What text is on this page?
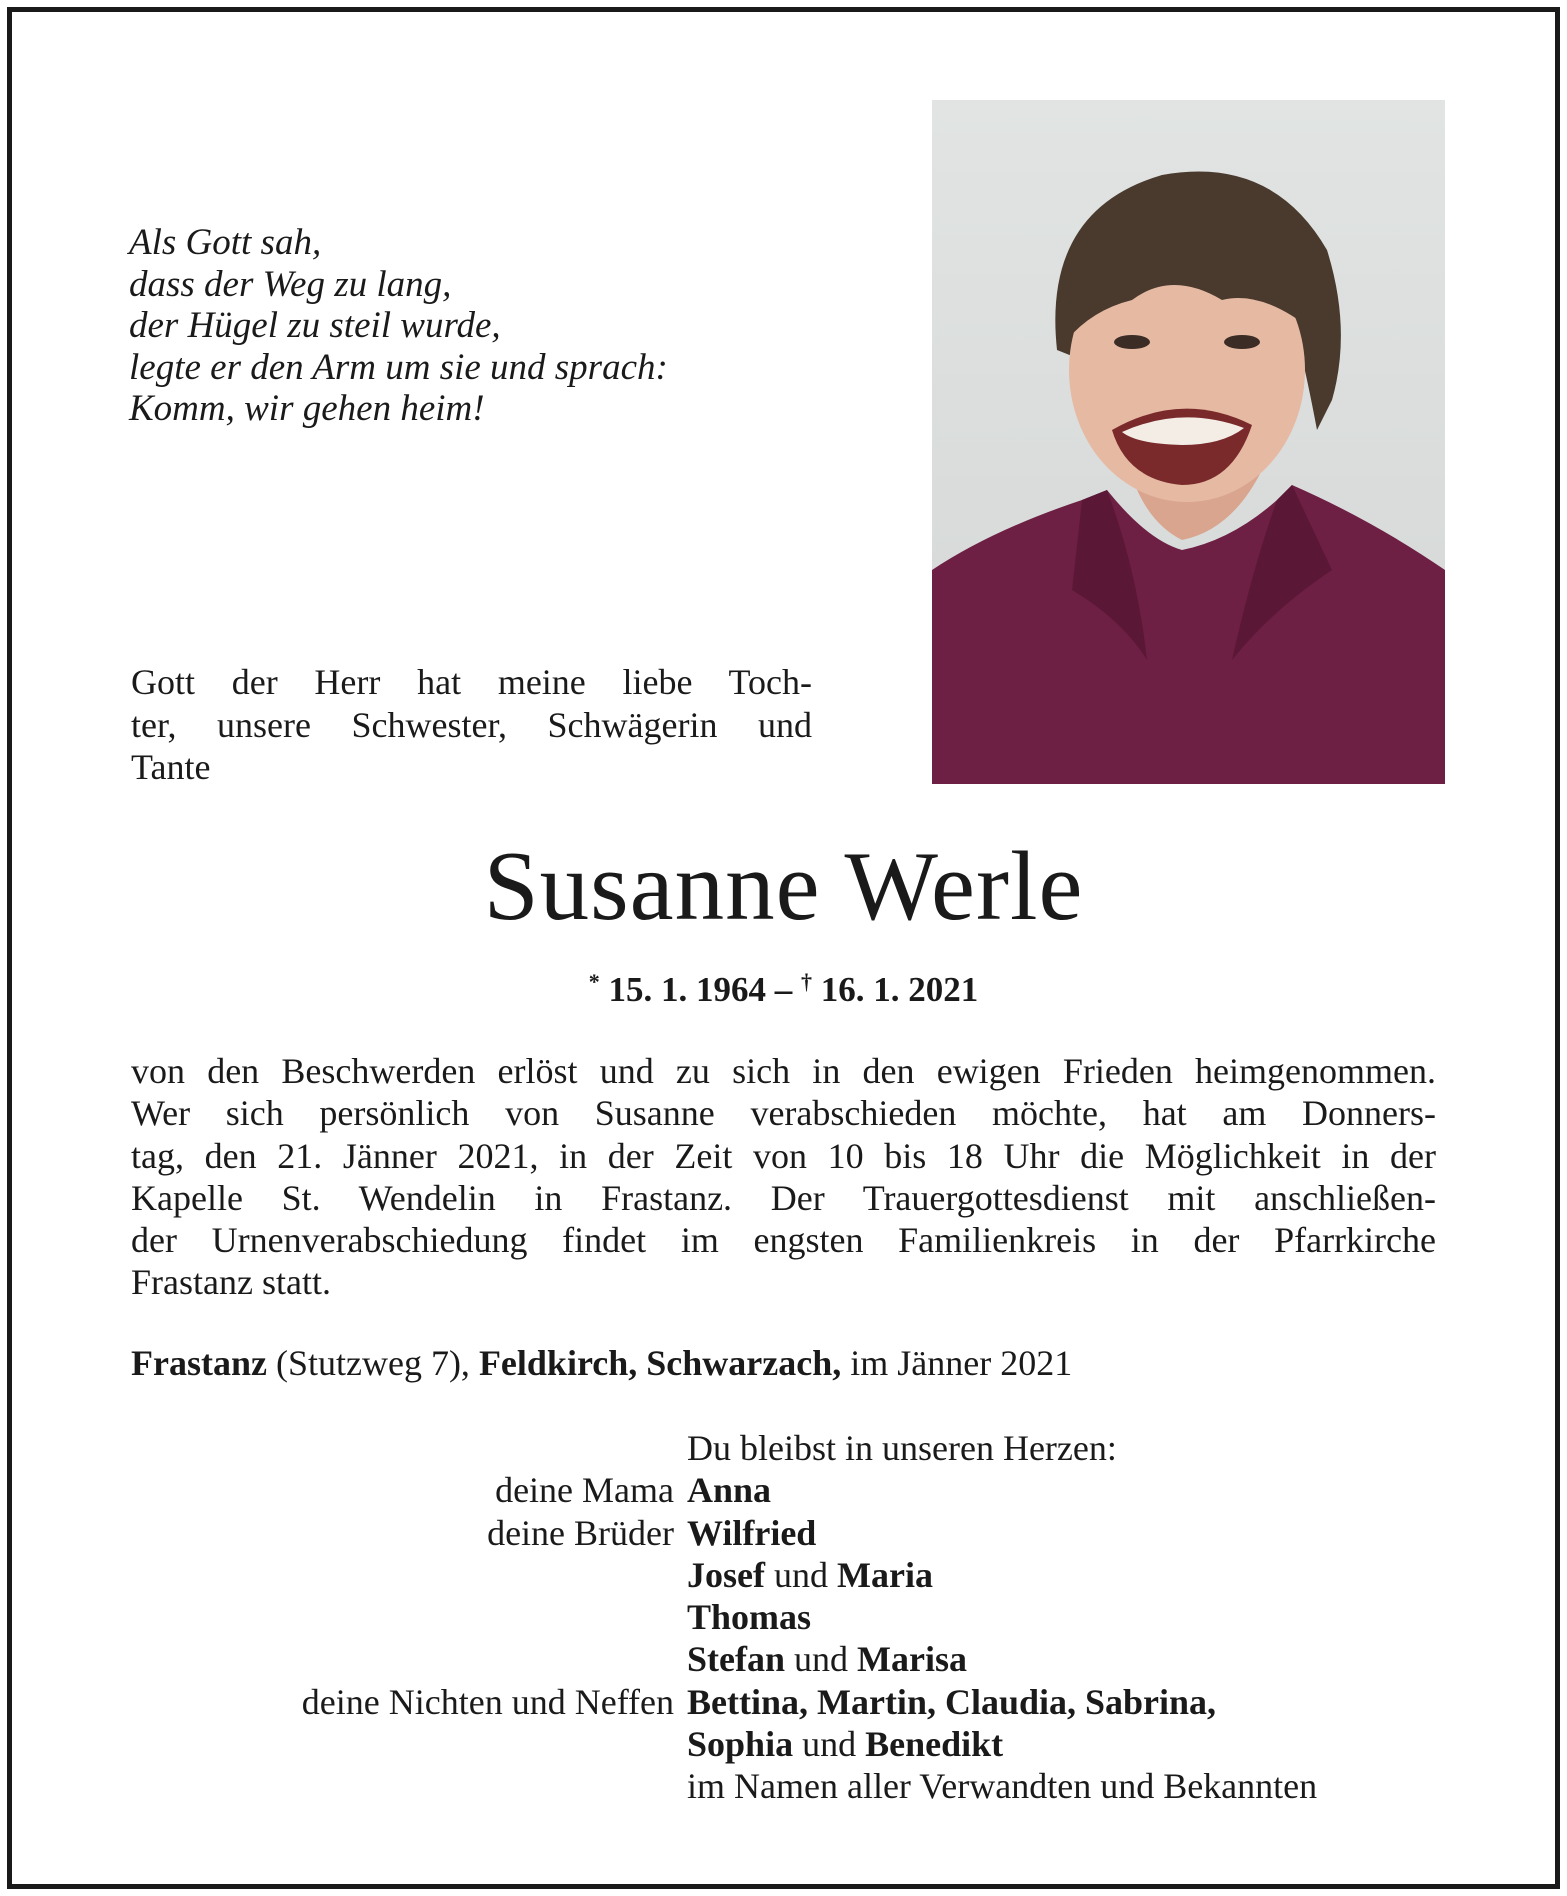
Als Gott sah,
dass der Weg zu lang,
der Hügel zu steil wurde,
legte er den Arm um sie und sprach:
Komm, wir gehen heim!
Gott der Herr hat meine liebe Toch-
ter, unsere Schwester, Schwägerin und
Tante
Susanne Werle
* 15. 1. 1964 – † 16. 1. 2021
von den Beschwerden erlöst und zu sich in den ewigen Frieden heimgenommen.
Wer sich persönlich von Susanne verabschieden möchte, hat am Donners-
tag, den 21. Jänner 2021, in der Zeit von 10 bis 18 Uhr die Möglichkeit in der
Kapelle St. Wendelin in Frastanz. Der Trauergottesdienst mit anschließen-
der Urnenverabschiedung findet im engsten Familienkreis in der Pfarrkirche
Frastanz statt.
Frastanz (Stutzweg 7), Feldkirch, Schwarzach, im Jänner 2021
Du bleibst in unseren Herzen:
deine Mama Anna
deine Brüder Wilfried
Josef und Maria
Thomas
Stefan und Marisa
deine Nichten und Neffen Bettina, Martin, Claudia, Sabrina,
Sophia und Benedikt
im Namen aller Verwandten und Bekannten
